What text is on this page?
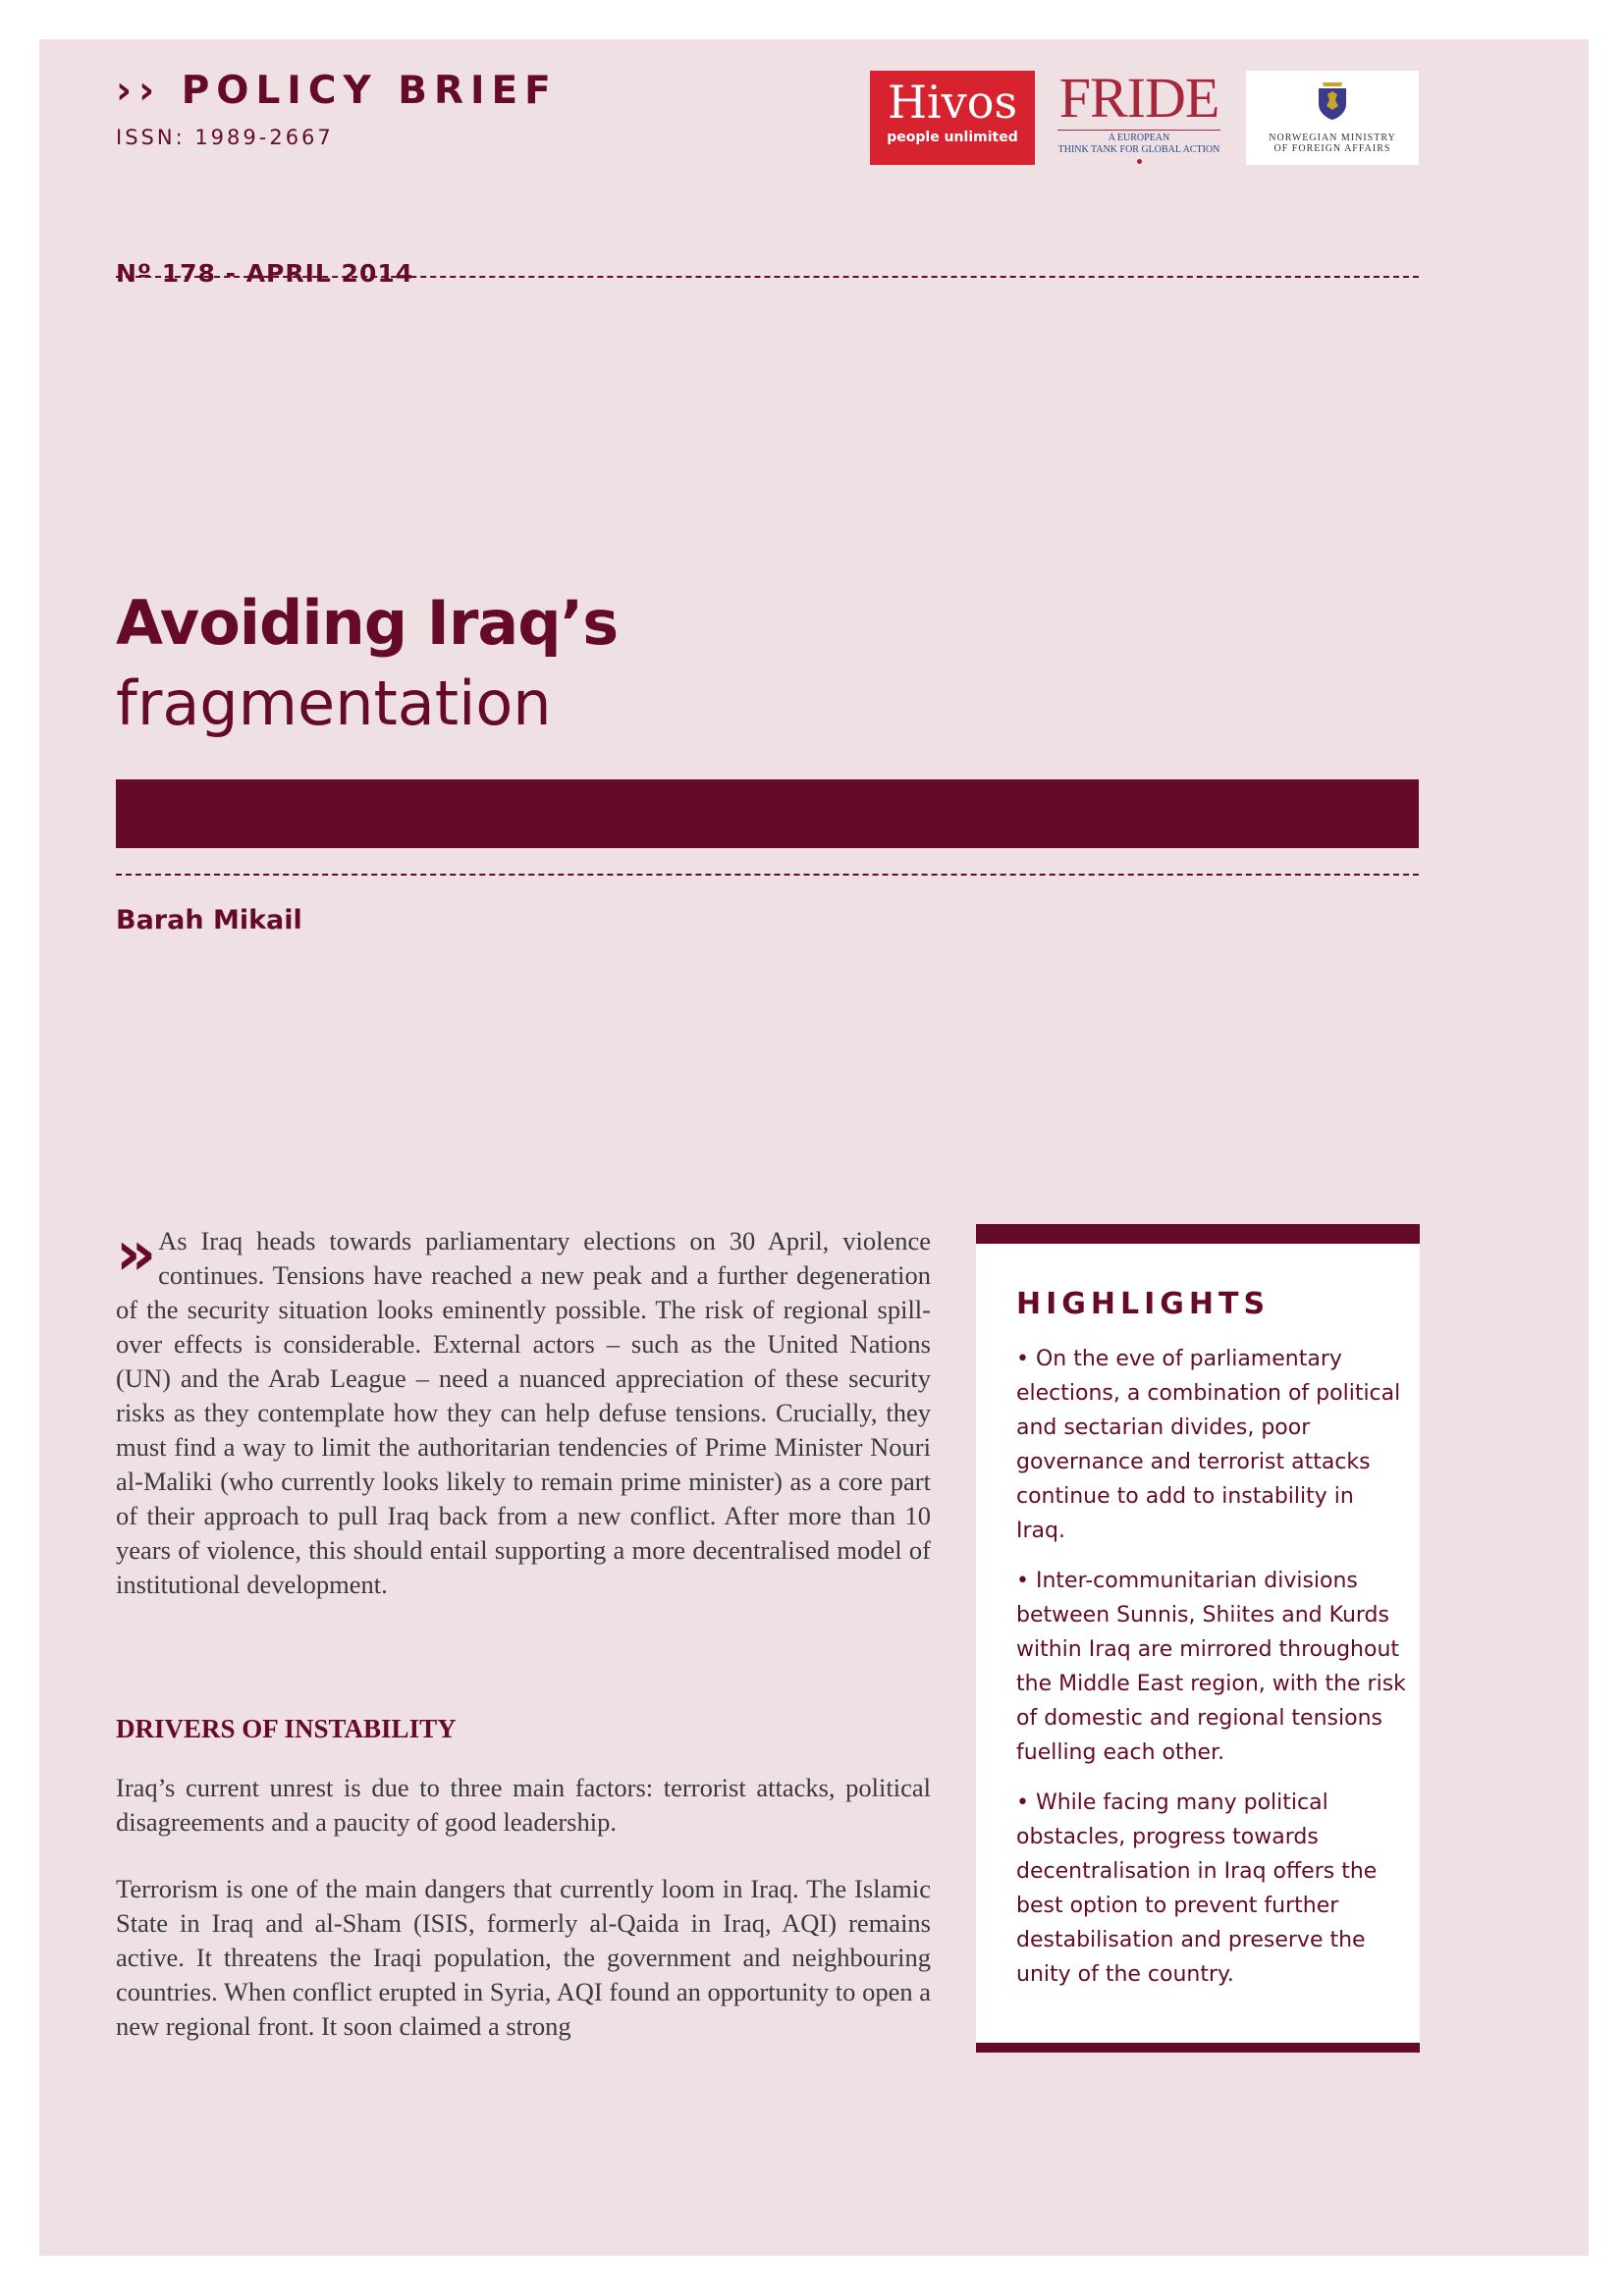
›› POLICY BRIEF
ISSN: 1989-2667
Hivos
people unlimited
FRIDE
A EUROPEAN
THINK TANK FOR GLOBAL ACTION
NORWEGIAN MINISTRY
OF FOREIGN AFFAIRS
Nº 178 - APRIL 2014
Avoiding Iraq’s
fragmentation
Barah Mikail

›› As Iraq heads towards parliamentary elections on 30 April, violence continues. Tensions have reached a new peak and a further degeneration of the security situation looks eminently possible. The risk of regional spill-over effects is considerable. External actors – such as the United Nations (UN) and the Arab League – need a nuanced appreciation of these security risks as they contemplate how they can help defuse tensions. Crucially, they must find a way to limit the authoritarian tendencies of Prime Minister Nouri al-Maliki (who currently looks likely to remain prime minister) as a core part of their approach to pull Iraq back from a new conflict. After more than 10 years of violence, this should entail supporting a more decentralised model of institutional development.

DRIVERS OF INSTABILITY

Iraq’s current unrest is due to three main factors: terrorist attacks, political disagreements and a paucity of good leadership.

Terrorism is one of the main dangers that currently loom in Iraq. The Islamic State in Iraq and al-Sham (ISIS, formerly al-Qaida in Iraq, AQI) remains active. It threatens the Iraqi population, the government and neighbouring countries. When conflict erupted in Syria, AQI found an opportunity to open a new regional front. It soon claimed a strong

HIGHLIGHTS
• On the eve of parliamentary elections, a combination of political and sectarian divides, poor governance and terrorist attacks continue to add to instability in Iraq.
• Inter-communitarian divisions between Sunnis, Shiites and Kurds within Iraq are mirrored throughout the Middle East region, with the risk of domestic and regional tensions fuelling each other.
• While facing many political obstacles, progress towards decentralisation in Iraq offers the best option to prevent further destabilisation and preserve the unity of the country.
